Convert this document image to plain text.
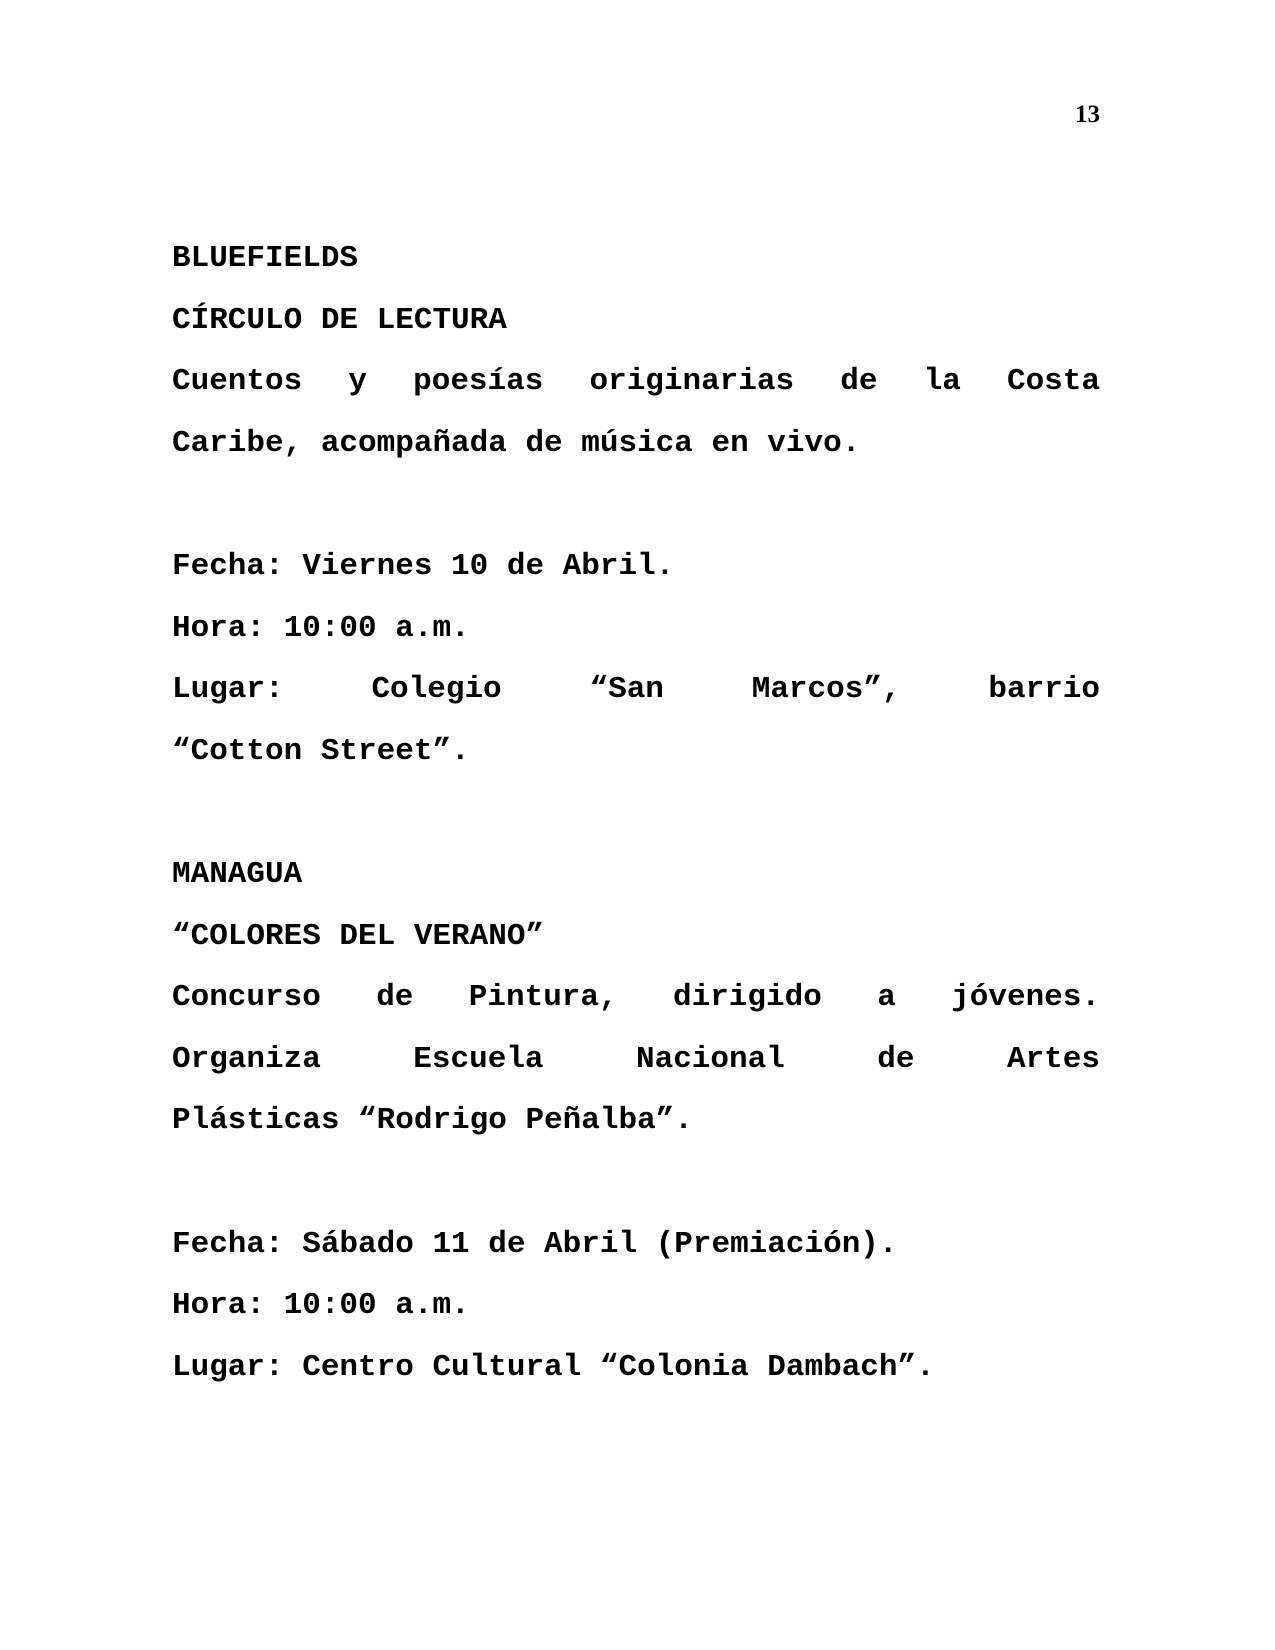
13
BLUEFIELDS
CÍRCULO DE LECTURA
Cuentos y poesías originarias de la Costa
Caribe, acompañada de música en vivo.
Fecha: Viernes 10 de Abril.
Hora: 10:00 a.m.
Lugar: Colegio “San Marcos”, barrio
“Cotton Street”.
MANAGUA
“COLORES DEL VERANO”
Concurso de Pintura, dirigido a jóvenes.
Organiza Escuela Nacional de Artes
Plásticas “Rodrigo Peñalba”.
Fecha: Sábado 11 de Abril (Premiación).
Hora: 10:00 a.m.
Lugar: Centro Cultural “Colonia Dambach”.
